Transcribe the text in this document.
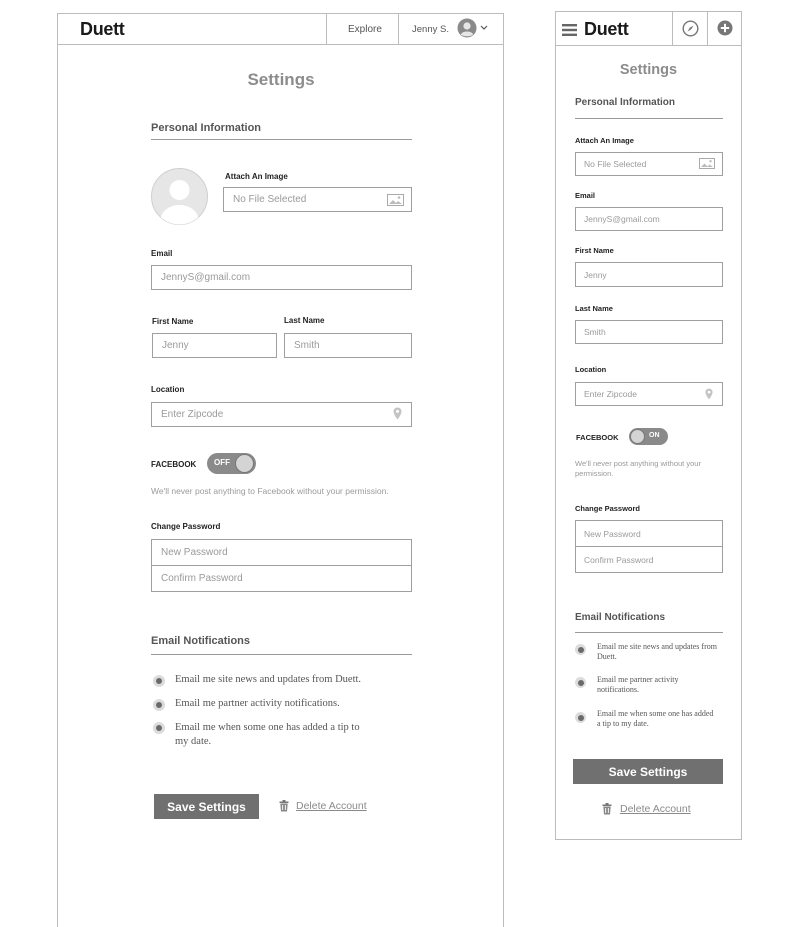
Duett	Explore	Jenny S.
Settings
Personal Information
Attach An Image
No File Selected
Email
JennyS@gmail.com
First Name
Jenny
Last Name
Smith
Location
Enter Zipcode
FACEBOOK OFF
We'll never post anything to Facebook without your permission.
Change Password
New Password
Confirm Password
Email Notifications
Email me site news and updates from Duett.
Email me partner activity notifications.
Email me when some one has added a tip to my date.
Save Settings	Delete Account
Duett
Settings
Personal Information
Attach An Image
No File Selected
Email
JennyS@gmail.com
First Name
Jenny
Last Name
Smith
Location
Enter Zipcode
FACEBOOK	ON
We'll never post anything without your permission.
Change Password
New Password
Confirm Password
Email Notifications
Email me site news and updates from Duett.
Email me partner activity notifications.
Email me when some one has added a tip to my date.
Save Settings
Delete Account
